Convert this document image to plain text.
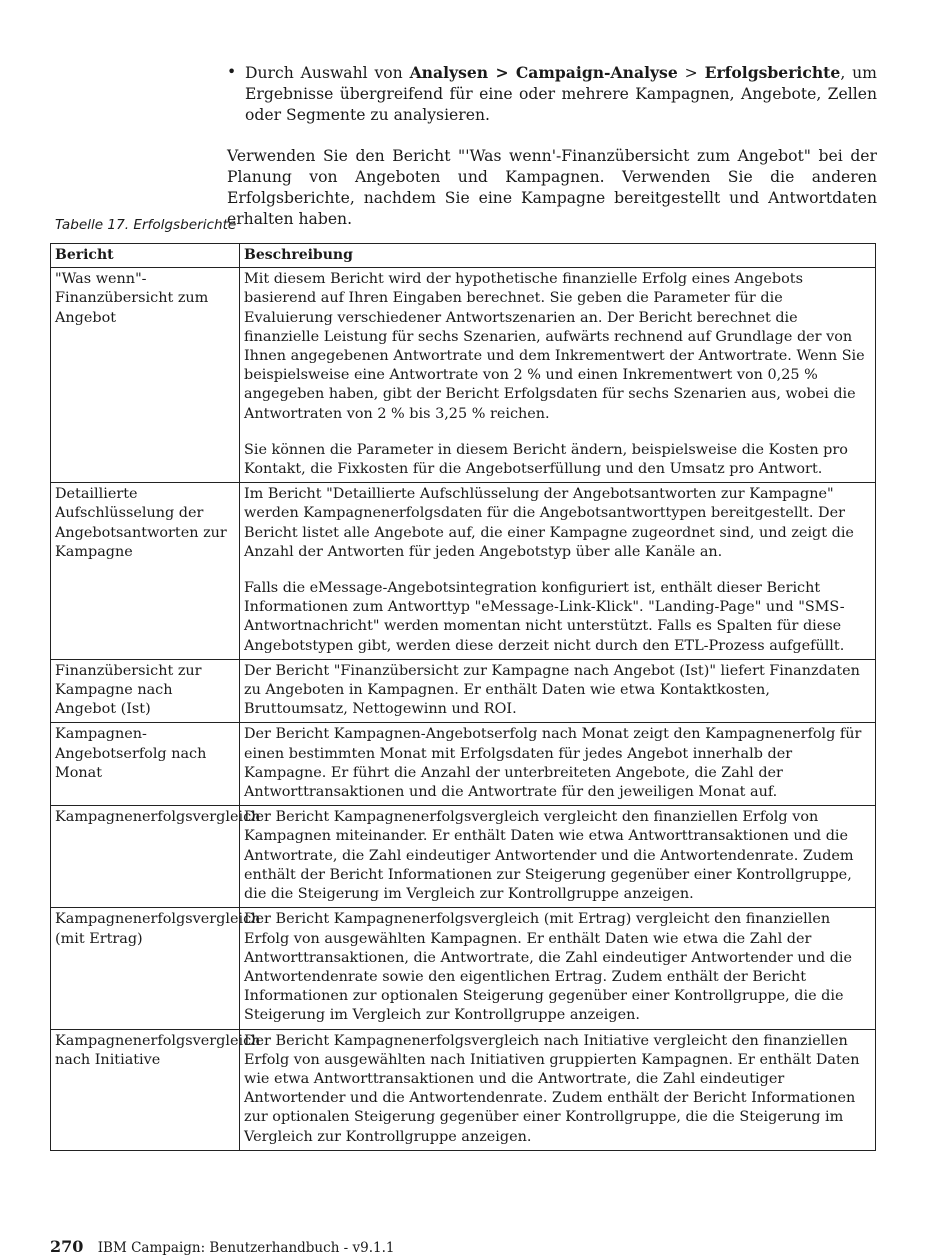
• Durch Auswahl von Analysen > Campaign-Analyse > Erfolgsberichte, um Ergebnisse übergreifend für eine oder mehrere Kampagnen, Angebote, Zellen oder Segmente zu analysieren.
Verwenden Sie den Bericht "'Was wenn'-Finanzübersicht zum Angebot" bei der Planung von Angeboten und Kampagnen. Verwenden Sie die anderen Erfolgsberichte, nachdem Sie eine Kampagne bereitgestellt und Antwortdaten erhalten haben.
Tabelle 17. Erfolgsberichte
Bericht	Beschreibung
"Was wenn"-Finanzübersicht zum Angebot	Mit diesem Bericht wird der hypothetische finanzielle Erfolg eines Angebots basierend auf Ihren Eingaben berechnet. Sie geben die Parameter für die Evaluierung verschiedener Antwortszenarien an. Der Bericht berechnet die finanzielle Leistung für sechs Szenarien, aufwärts rechnend auf Grundlage der von Ihnen angegebenen Antwortrate und dem Inkrementwert der Antwortrate. Wenn Sie beispielsweise eine Antwortrate von 2 % und einen Inkrementwert von 0,25 % angegeben haben, gibt der Bericht Erfolgsdaten für sechs Szenarien aus, wobei die Antwortraten von 2 % bis 3,25 % reichen.

Sie können die Parameter in diesem Bericht ändern, beispielsweise die Kosten pro Kontakt, die Fixkosten für die Angebotserfüllung und den Umsatz pro Antwort.

Detaillierte Aufschlüsselung der Angebotsantworten zur Kampagne	Im Bericht "Detaillierte Aufschlüsselung der Angebotsantworten zur Kampagne" werden Kampagnenerfolgsdaten für die Angebotsantworttypen bereitgestellt. Der Bericht listet alle Angebote auf, die einer Kampagne zugeordnet sind, und zeigt die Anzahl der Antworten für jeden Angebotstyp über alle Kanäle an.

Falls die eMessage-Angebotsintegration konfiguriert ist, enthält dieser Bericht Informationen zum Antworttyp "eMessage-Link-Klick". "Landing-Page" und "SMS-Antwortnachricht" werden momentan nicht unterstützt. Falls es Spalten für diese Angebotstypen gibt, werden diese derzeit nicht durch den ETL-Prozess aufgefüllt.

Finanzübersicht zur Kampagne nach Angebot (Ist)	Der Bericht "Finanzübersicht zur Kampagne nach Angebot (Ist)" liefert Finanzdaten zu Angeboten in Kampagnen. Er enthält Daten wie etwa Kontaktkosten, Bruttoumsatz, Nettogewinn und ROI.

Kampagnen-Angebotserfolg nach Monat	Der Bericht Kampagnen-Angebotserfolg nach Monat zeigt den Kampagnenerfolg für einen bestimmten Monat mit Erfolgsdaten für jedes Angebot innerhalb der Kampagne. Er führt die Anzahl der unterbreiteten Angebote, die Zahl der Antworttransaktionen und die Antwortrate für den jeweiligen Monat auf.

Kampagnenerfolgsvergleich	Der Bericht Kampagnenerfolgsvergleich vergleicht den finanziellen Erfolg von Kampagnen miteinander. Er enthält Daten wie etwa Antworttransaktionen und die Antwortrate, die Zahl eindeutiger Antwortender und die Antwortendenrate. Zudem enthält der Bericht Informationen zur Steigerung gegenüber einer Kontrollgruppe, die die Steigerung im Vergleich zur Kontrollgruppe anzeigen.

Kampagnenerfolgsvergleich (mit Ertrag)	Der Bericht Kampagnenerfolgsvergleich (mit Ertrag) vergleicht den finanziellen Erfolg von ausgewählten Kampagnen. Er enthält Daten wie etwa die Zahl der Antworttransaktionen, die Antwortrate, die Zahl eindeutiger Antwortender und die Antwortendenrate sowie den eigentlichen Ertrag. Zudem enthält der Bericht Informationen zur optionalen Steigerung gegenüber einer Kontrollgruppe, die die Steigerung im Vergleich zur Kontrollgruppe anzeigen.

Kampagnenerfolgsvergleich nach Initiative	Der Bericht Kampagnenerfolgsvergleich nach Initiative vergleicht den finanziellen Erfolg von ausgewählten nach Initiativen gruppierten Kampagnen. Er enthält Daten wie etwa Antworttransaktionen und die Antwortrate, die Zahl eindeutiger Antwortender und die Antwortendenrate. Zudem enthält der Bericht Informationen zur optionalen Steigerung gegenüber einer Kontrollgruppe, die die Steigerung im Vergleich zur Kontrollgruppe anzeigen.

270 IBM Campaign: Benutzerhandbuch - v9.1.1
